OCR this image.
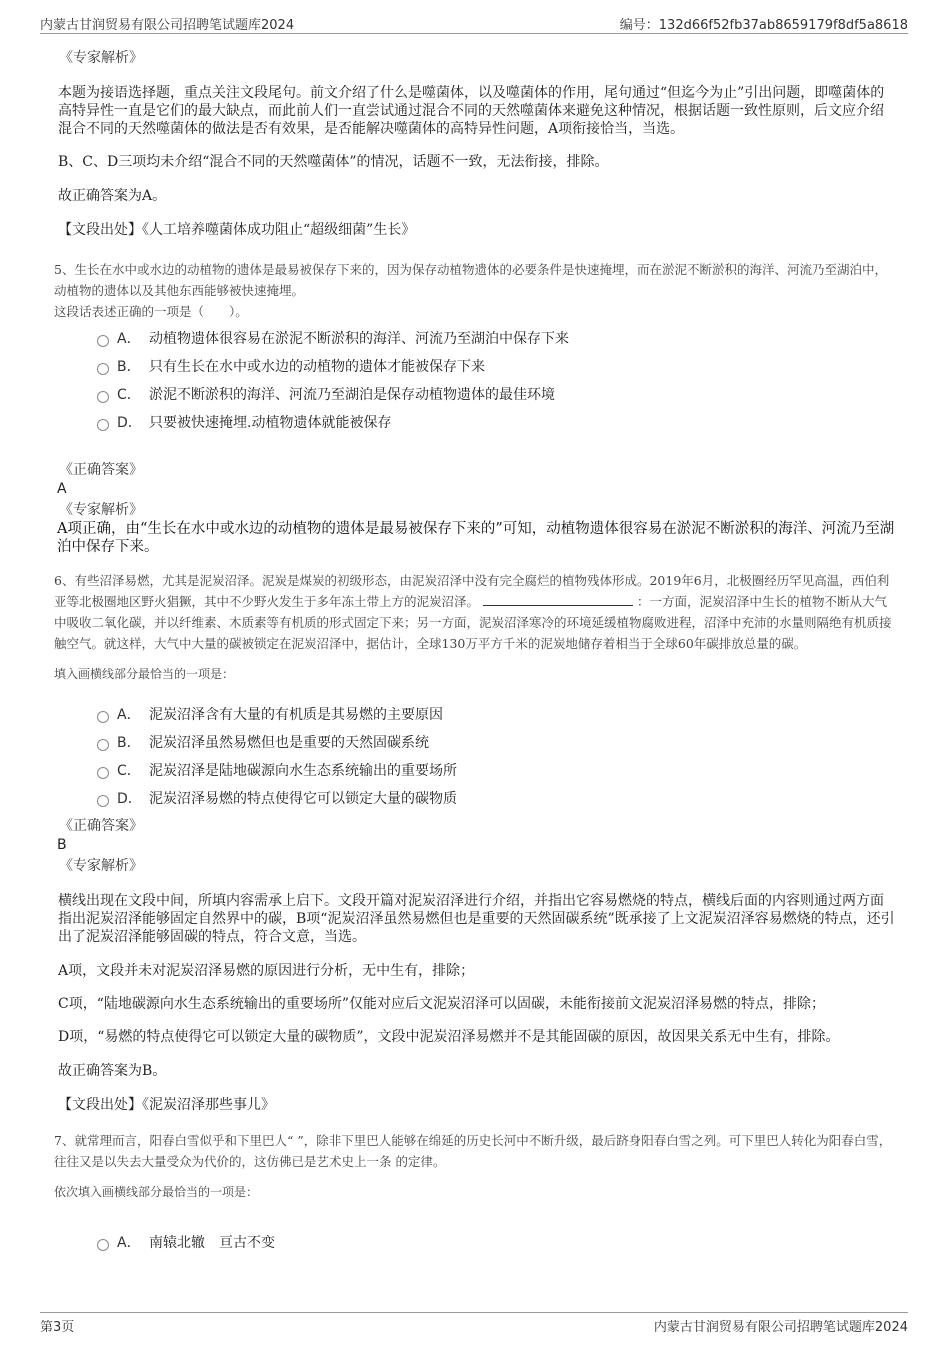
内蒙古甘润贸易有限公司招聘笔试题库2024	编号：132d66f52fb37ab8659179f8df5a8618
《专家解析》
本题为接语选择题，重点关注文段尾句。前文介绍了什么是噬菌体，以及噬菌体的作用，尾句通过“但迄今为止”引出问题，即噬菌体的高特异性一直是它们的最大缺点，而此前人们一直尝试通过混合不同的天然噬菌体来避免这种情况，根据话题一致性原则，后文应介绍混合不同的天然噬菌体的做法是否有效果，是否能解决噬菌体的高特异性问题，A项衔接恰当，当选。
B、C、D三项均未介绍“混合不同的天然噬菌体”的情况，话题不一致，无法衔接，排除。
故正确答案为A。
【文段出处】《人工培养噬菌体成功阻止“超级细菌”生长》
5、生长在水中或水边的动植物的遗体是最易被保存下来的，因为保存动植物遗体的必要条件是快速掩埋，而在淤泥不断淤积的海洋、河流乃至湖泊中，动植物的遗体以及其他东西能够被快速掩埋。
这段话表述正确的一项是（　　）。
A． 动植物遗体很容易在淤泥不断淤积的海洋、河流乃至湖泊中保存下来
B． 只有生长在水中或水边的动植物的遗体才能被保存下来
C． 淤泥不断淤积的海洋、河流乃至湖泊是保存动植物遗体的最佳环境
D． 只要被快速掩埋.动植物遗体就能被保存
《正确答案》
A
《专家解析》
A项正确，由“生长在水中或水边的动植物的遗体是最易被保存下来的”可知，动植物遗体很容易在淤泥不断淤积的海洋、河流乃至湖泊中保存下来。
6、有些沼泽易燃，尤其是泥炭沼泽。泥炭是煤炭的初级形态，由泥炭沼泽中没有完全腐烂的植物残体形成。2019年6月，北极圈经历罕见高温，西伯利亚等北极圈地区野火猖獗，其中不少野火发生于多年冻土带上方的泥炭沼泽。	：一方面，泥炭沼泽中生长的植物不断从大气中吸收二氧化碳，并以纤维素、木质素等有机质的形式固定下来；另一方面，泥炭沼泽寒冷的环境延缓植物腐败进程，沼泽中充沛的水量则隔绝有机质接触空气。就这样，大气中大量的碳被锁定在泥炭沼泽中，据估计，全球130万平方千米的泥炭地储存着相当于全球60年碳排放总量的碳。
填入画横线部分最恰当的一项是：
A． 泥炭沼泽含有大量的有机质是其易燃的主要原因
B． 泥炭沼泽虽然易燃但也是重要的天然固碳系统
C． 泥炭沼泽是陆地碳源向水生态系统输出的重要场所
D． 泥炭沼泽易燃的特点使得它可以锁定大量的碳物质
《正确答案》
B
《专家解析》
横线出现在文段中间，所填内容需承上启下。文段开篇对泥炭沼泽进行介绍，并指出它容易燃烧的特点，横线后面的内容则通过两方面指出泥炭沼泽能够固定自然界中的碳，B项“泥炭沼泽虽然易燃但也是重要的天然固碳系统”既承接了上文泥炭沼泽容易燃烧的特点，还引出了泥炭沼泽能够固碳的特点，符合文意，当选。
A项，文段并未对泥炭沼泽易燃的原因进行分析，无中生有，排除；
C项，“陆地碳源向水生态系统输出的重要场所”仅能对应后文泥炭沼泽可以固碳，未能衔接前文泥炭沼泽易燃的特点，排除；
D项，“易燃的特点使得它可以锁定大量的碳物质”，文段中泥炭沼泽易燃并不是其能固碳的原因，故因果关系无中生有，排除。
故正确答案为B。
【文段出处】《泥炭沼泽那些事儿》
7、就常理而言，阳春白雪似乎和下里巴人“ ”，除非下里巴人能够在绵延的历史长河中不断升级，最后跻身阳春白雪之列。可下里巴人转化为阳春白雪，往往又是以失去大量受众为代价的，这仿佛已是艺术史上一条 的定律。
依次填入画横线部分最恰当的一项是：
A． 南辕北辙　亘古不变
第3页	内蒙古甘润贸易有限公司招聘笔试题库2024
